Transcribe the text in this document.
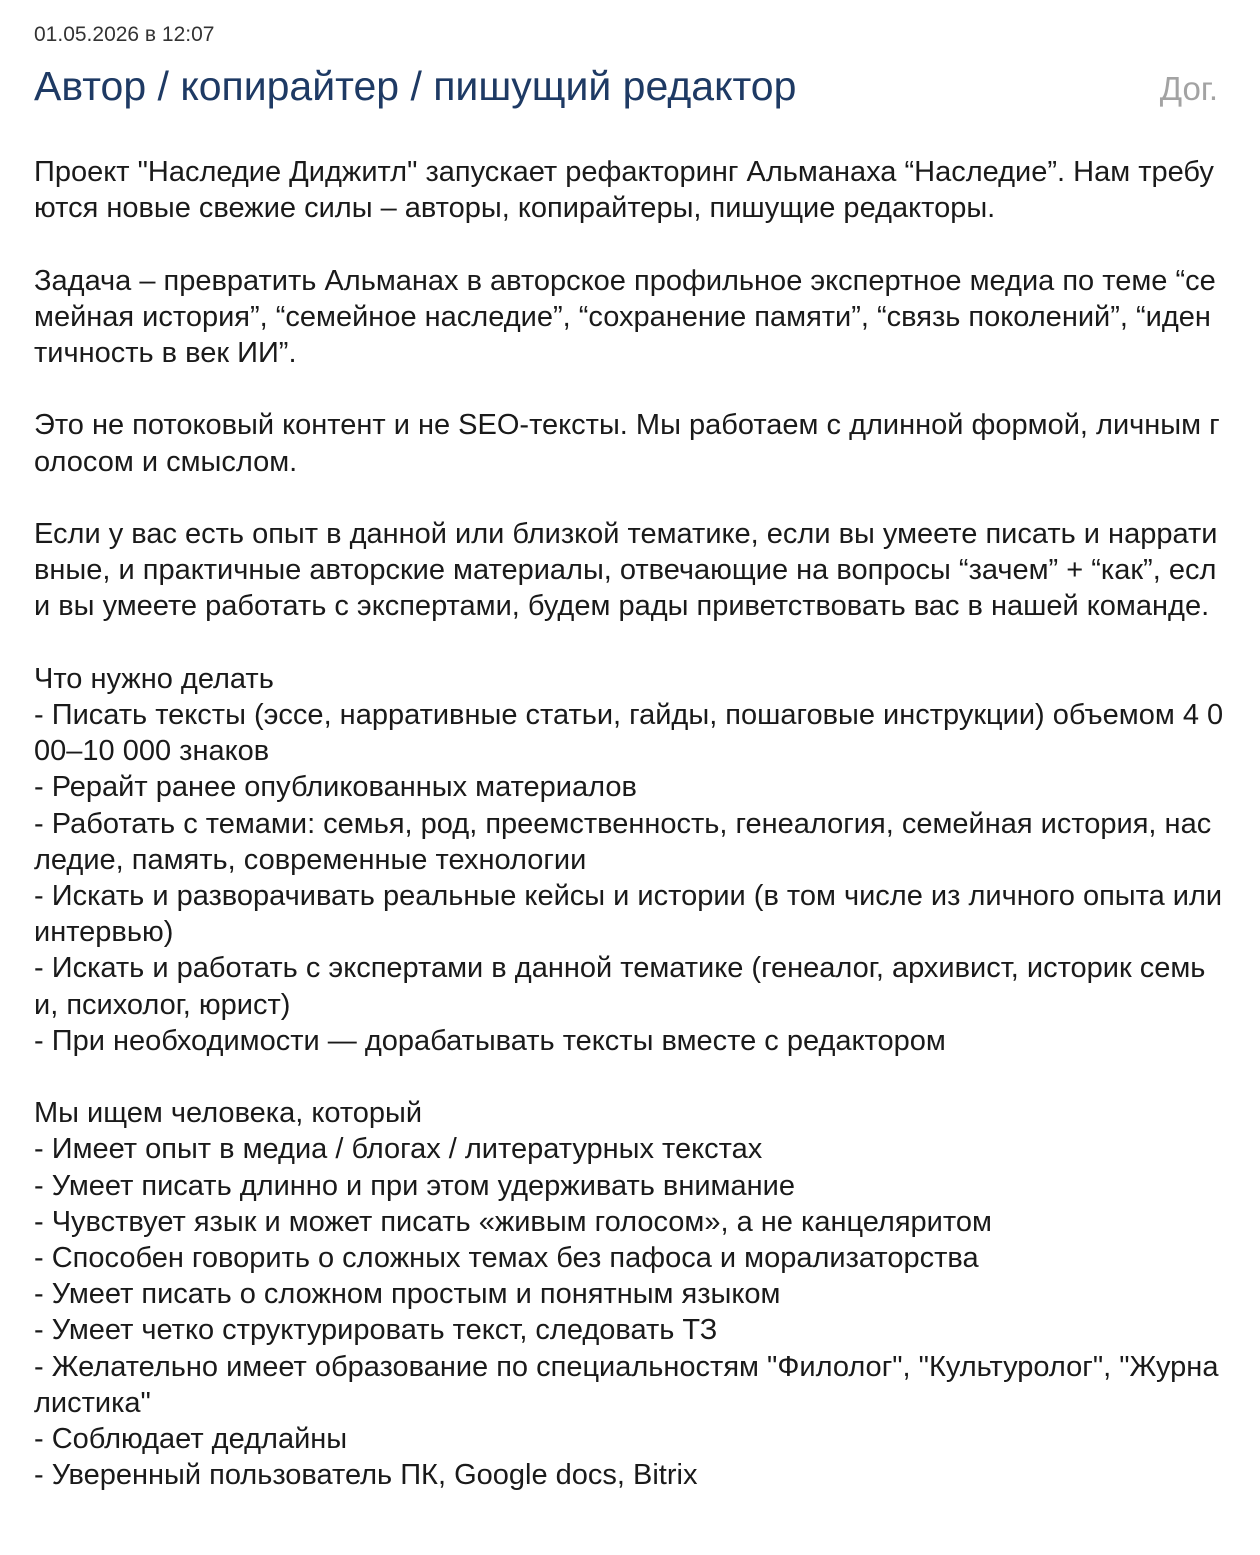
01.05.2026 в 12:07
Автор / копирайтер / пишущий редактор	Дог.

Проект "Наследие Диджитл" запускает рефакторинг Альманаха “Наследие”. Нам требуются новые свежие силы – авторы, копирайтеры, пишущие редакторы.

Задача – превратить Альманах в авторское профильное экспертное медиа по теме “семейная история”, “семейное наследие”, “сохранение памяти”, “связь поколений”, “идентичность в век ИИ”.

Это не потоковый контент и не SEO-тексты. Мы работаем с длинной формой, личным голосом и смыслом.

Если у вас есть опыт в данной или близкой тематике, если вы умеете писать и нарративные, и практичные авторские материалы, отвечающие на вопросы “зачем” + “как”, если вы умеете работать с экспертами, будем рады приветствовать вас в нашей команде.

Что нужно делать
- Писать тексты (эссе, нарративные статьи, гайды, пошаговые инструкции) объемом 4 000–10 000 знаков
- Рерайт ранее опубликованных материалов
- Работать с темами: семья, род, преемственность, генеалогия, семейная история, наследие, память, современные технологии
- Искать и разворачивать реальные кейсы и истории (в том числе из личного опыта или интервью)
- Искать и работать с экспертами в данной тематике (генеалог, архивист, историк семьи, психолог, юрист)
- При необходимости — дорабатывать тексты вместе с редактором
Мы ищем человека, который
- Имеет опыт в медиа / блогах / литературных текстах
- Умеет писать длинно и при этом удерживать внимание
- Чувствует язык и может писать «живым голосом», а не канцеляритом
- Способен говорить о сложных темах без пафоса и морализаторства
- Умеет писать о сложном простым и понятным языком
- Умеет четко структурировать текст, следовать ТЗ
- Желательно имеет образование по специальностям "Филолог", "Культуролог", "Журналистика"
- Соблюдает дедлайны
- Уверенный пользователь ПК, Google docs, Bitrix
